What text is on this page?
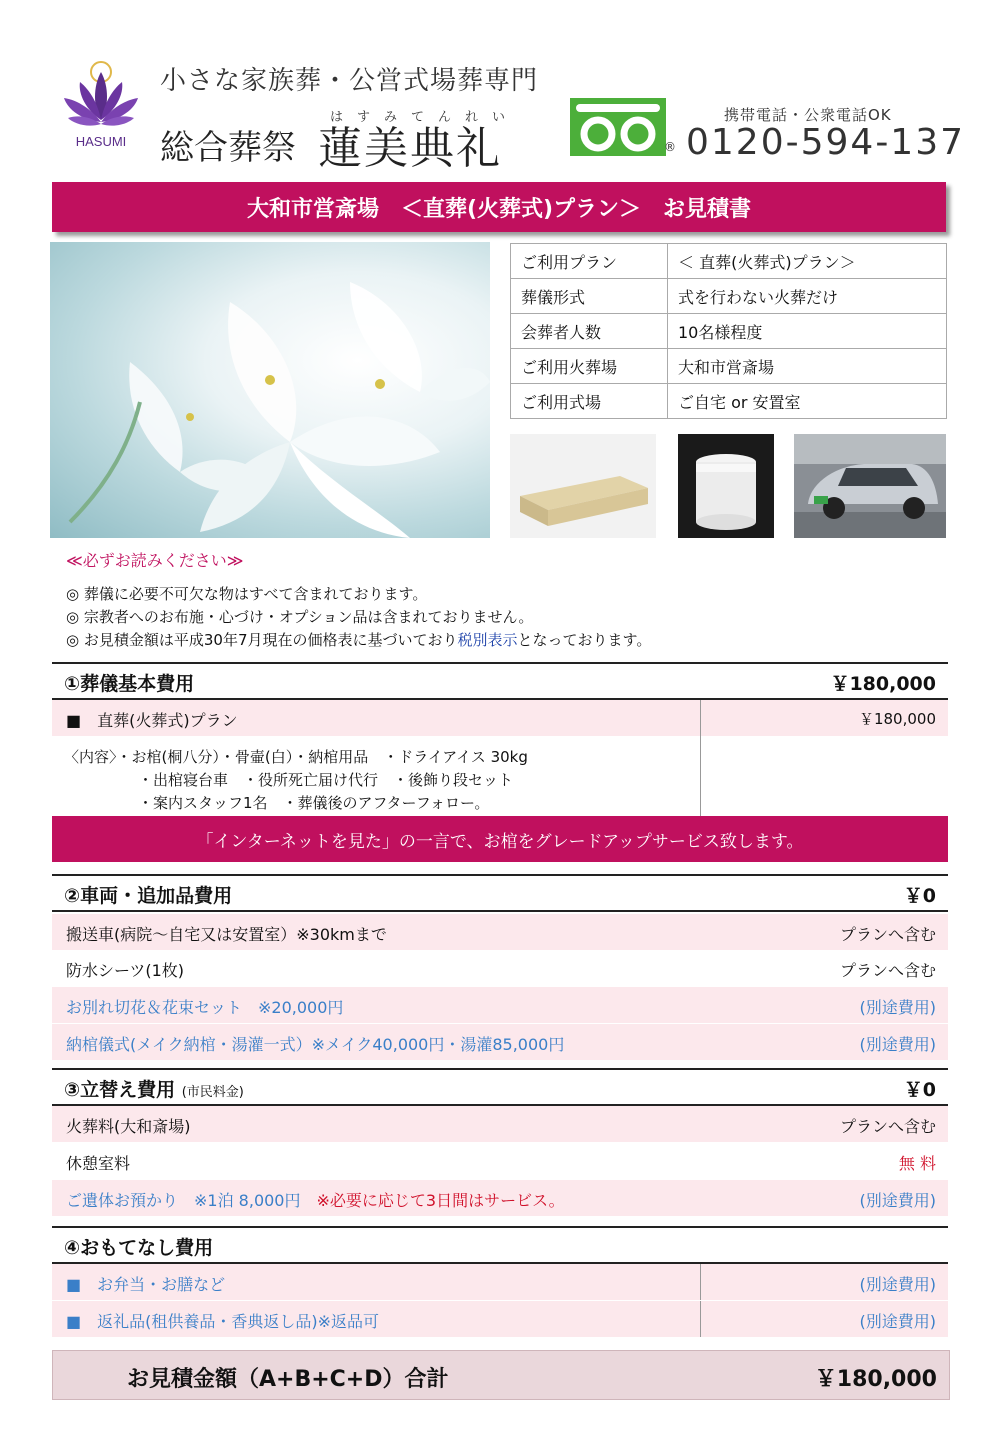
HASUMI
小さな家族葬・公営式場葬専門
はすみてんれい
総合葬祭 蓮美典礼	®
携帯電話・公衆電話OK
0120-594-137
大和市営斎場　＜直葬(火葬式)プラン＞　お見積書
ご利用プラン	＜ 直葬(火葬式)プラン＞
葬儀形式	式を行わない火葬だけ
会葬者人数	10名様程度
ご利用火葬場	大和市営斎場
ご利用式場	ご自宅 or 安置室
≪必ずお読みください≫
◎ 葬儀に必要不可欠な物はすべて含まれております。
◎ 宗教者へのお布施・心づけ・オプション品は含まれておりません。
◎ お見積金額は平成30年7月現在の価格表に基づいており税別表示となっております。
①葬儀基本費用	￥180,000
■　直葬(火葬式)プラン	￥180,000
〈内容〉・お棺(桐八分）・骨壷(白）・納棺用品　・ドライアイス 30kg
・出棺寝台車　・役所死亡届け代行　・後飾り段セット
・案内スタッフ1名　・葬儀後のアフターフォロー。
「インターネットを見た」の一言で、お棺をグレードアップサービス致します。
②車両・追加品費用	￥0
搬送車(病院～自宅又は安置室）※30kmまで	プランへ含む
防水シーツ(1枚)	プランへ含む
お別れ切花＆花束セット　※20,000円	(別途費用)
納棺儀式(メイク納棺・湯灌一式）※メイク40,000円・湯灌85,000円	(別途費用)
③立替え費用 (市民料金)	￥0
火葬料(大和斎場)	プランへ含む
休憩室料	無 料
ご遺体お預かり　※1泊 8,000円　 ※必要に応じて3日間はサービス。	(別途費用)
④おもてなし費用
■　お弁当・お膳など	(別途費用)
■　返礼品(租供養品・香典返し品)※返品可	(別途費用)
お見積金額（A+B+C+D）合計	￥180,000
